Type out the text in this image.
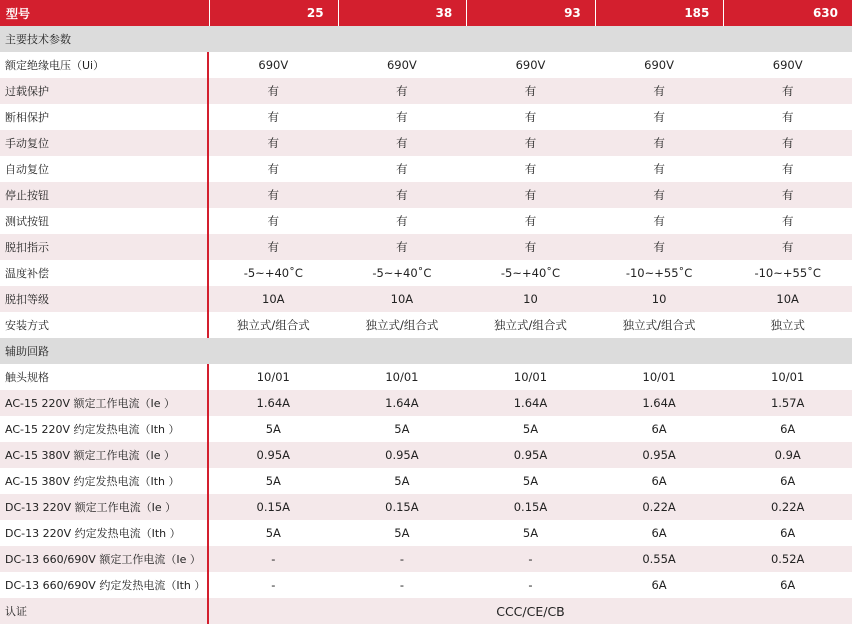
型号	25	38	93	185	630
主要技术参数					
额定绝缘电压（Ui）	690V	690V	690V	690V	690V
过载保护	有	有	有	有	有
断相保护	有	有	有	有	有
手动复位	有	有	有	有	有
自动复位	有	有	有	有	有
停止按钮	有	有	有	有	有
测试按钮	有	有	有	有	有
脱扣指示	有	有	有	有	有
温度补偿	-5~+40˚C	-5~+40˚C	-5~+40˚C	-10~+55˚C	-10~+55˚C
脱扣等级	10A	10A	10	10	10A
安装方式	独立式/组合式	独立式/组合式	独立式/组合式	独立式/组合式	独立式
辅助回路					
触头规格	10/01	10/01	10/01	10/01	10/01
AC-15 220V 额定工作电流（Ie ）	1.64A	1.64A	1.64A	1.64A	1.57A
AC-15 220V 约定发热电流（Ith ）	5A	5A	5A	6A	6A
AC-15 380V 额定工作电流（Ie ）	0.95A	0.95A	0.95A	0.95A	0.9A
AC-15 380V 约定发热电流（Ith ）	5A	5A	5A	6A	6A
DC-13 220V 额定工作电流（Ie ）	0.15A	0.15A	0.15A	0.22A	0.22A
DC-13 220V 约定发热电流（Ith ）	5A	5A	5A	6A	6A
DC-13 660/690V 额定工作电流（Ie ）	-	-	-	0.55A	0.52A
DC-13 660/690V 约定发热电流（Ith ）	-	-	-	6A	6A
认证	CCC/CE/CB				
